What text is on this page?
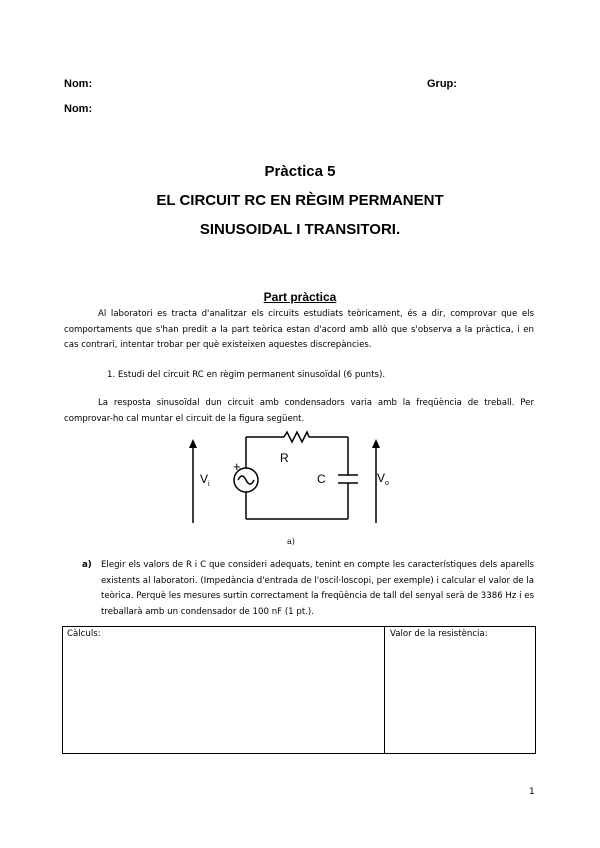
Nom:	Grup:
Nom:
Pràctica 5
EL CIRCUIT RC EN RÈGIM PERMANENT
SINUSOIDAL I TRANSITORI.
Part pràctica
Al laboratori es tracta d'analitzar els circuits estudiats teòricament, és a dir, comprovar que els comportaments que s'han predit a la part teòrica estan d'acord amb allò que s'observa a la pràctica, i en cas contrari, intentar trobar per què existeixen aquestes discrepàncies.
1. Estudi del circuit RC en règim permanent sinusoïdal (6 punts).
La resposta sinusoïdal dun circuit amb condensadors varia amb la freqüència de treball. Per comprovar-ho cal muntar el circuit de la figura següent.
$V_i$
+
R
C	$V_o$
a)
a) Elegir els valors de R i C que consideri adequats, tenint en compte les característiques dels aparells existents al laboratori. (Impedància d'entrada de l'oscil·loscopi, per exemple) i calcular el valor de la teòrica. Perquè les mesures surtin correctament la freqüència de tall del senyal serà de 3386 Hz i es treballarà amb un condensador de 100 nF (1 pt.).
Càlculs:	Valor de la resistència:
1
